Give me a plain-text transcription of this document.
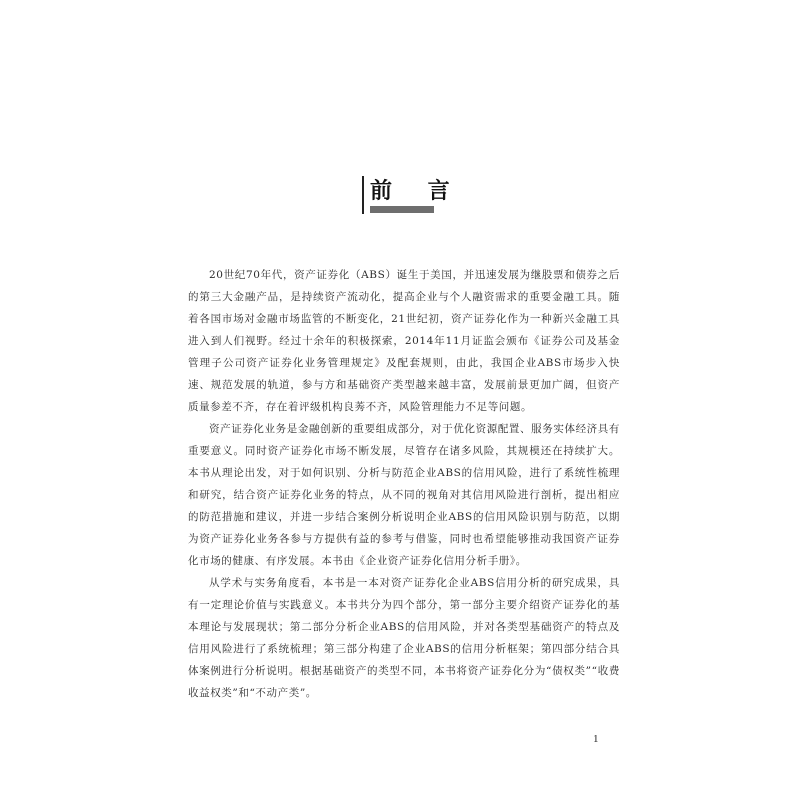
前 言

20世纪70年代，资产证券化（ABS）诞生于美国，并迅速发展为继股票和债券之后的第三大金融产品，是持续资产流动化，提高企业与个人融资需求的重要金融工具。随着各国市场对金融市场监管的不断变化，21世纪初，资产证券化作为一种新兴金融工具进入到人们视野。经过十余年的积极探索，2014年11月证监会颁布《证券公司及基金管理子公司资产证券化业务管理规定》及配套规则，由此，我国企业ABS市场步入快速、规范发展的轨道，参与方和基础资产类型越来越丰富，发展前景更加广阔，但资产质量参差不齐，存在着评级机构良莠不齐，风险管理能力不足等问题。

资产证券化业务是金融创新的重要组成部分，对于优化资源配置、服务实体经济具有重要意义。同时资产证券化市场不断发展，尽管存在诸多风险，其规模还在持续扩大。本书从理论出发，对于如何识别、分析与防范企业ABS的信用风险，进行了系统性梳理和研究，结合资产证券化业务的特点，从不同的视角对其信用风险进行剖析，提出相应的防范措施和建议，并进一步结合案例分析说明企业ABS的信用风险识别与防范，以期为资产证券化业务各参与方提供有益的参考与借鉴，同时也希望能够推动我国资产证券化市场的健康、有序发展。本书由《企业资产证券化信用分析手册》。

从学术与实务角度看，本书是一本对资产证券化企业ABS信用分析的研究成果，具有一定理论价值与实践意义。本书共分为四个部分，第一部分主要介绍资产证券化的基本理论与发展现状；第二部分分析企业ABS的信用风险，并对各类型基础资产的特点及信用风险进行了系统梳理；第三部分构建了企业ABS的信用分析框架；第四部分结合具体案例进行分析说明。根据基础资产的类型不同，本书将资产证券化分为“债权类”“收费收益权类”和“不动产类”。

1
